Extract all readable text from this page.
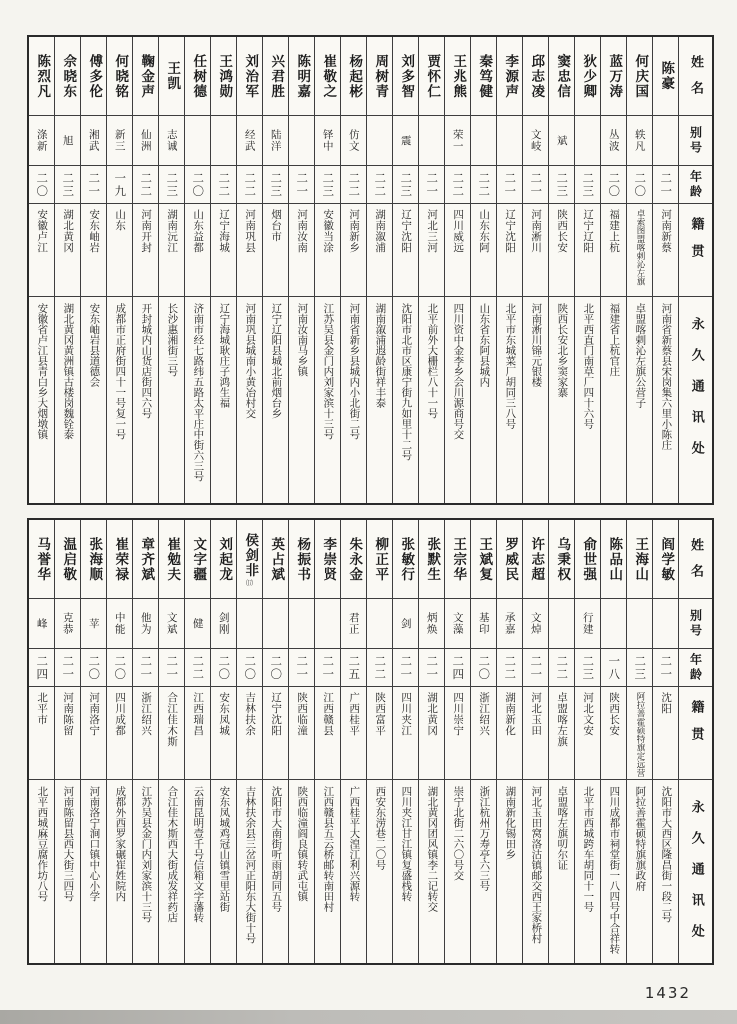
姓名
别号
年龄
籍贯
永久通讯处
陈豪
二一
河南新蔡
河南省新蔡县宋岗集六里小陈庄
何庆国
轶凡
二〇
卓索图盟喀剌沁左旗
卓盟喀剌沁左旗公营子
蓝万涛
丛波
二〇
福建上杭
福建省上杭官庄
狄少卿
二三
辽宁辽阳
北平西直门南草厂四十六号
窦忠信
斌
二三
陕西长安
陕西长安北乡窦家寨
邱志凌
文岐
二一
河南淅川
河南淅川锦元银楼
李源声
二一
辽宁沈阳
北平市东城菜厂胡同三八号
秦笃健
二二
山东东阿
山东省东阿县城内
王兆熊
荣一
二二
四川威远
四川资中金李乡会川源商号交
贾怀仁
二一
河北三河
北平前外大栅栏八十一号
刘多智
震
二三
辽宁沈阳
沈阳市北市区康宁街九如里十二号
周树青
二二
湖南溆浦
湖南溆浦遐龄街祥丰泰
杨起彬
仿文
二二
河南新乡
河南省新乡县城内小北街二号
崔敬之
铎中
二三
安徽当涂
江苏吴县金门内刘家滨十三号
陈明嘉
二一
河南汝南
河南汝南马乡镇
兴君胜
陆洋
二三
烟台市
辽宁辽阳县城北前烟台乡
刘治军
经武
二二
河南巩县
河南巩县城南小黄冶村交
王鸿勋
二二
辽宁海城
辽宁海城耿庄子鸿生福
任树德
二〇
山东益都
济南市经七路纬五路太平庄中街六三号
王凯
志诚
二三
湖南沅江
长沙惠湘街三号
鞠金声
仙洲
二二
河南开封
开封城内山货店街四六号
何晓铭
新三
一九
山东
成都市正府街四十一号复一号
傅多伦
湘武
二一
安东岫岩
安东岫岩县道德会
佘晓东
旭
二三
湖北黄冈
湖北黄冈黄洲镇古楼岗魏铨泰
陈烈凡
涤新
二〇
安徽卢江
安徽省卢江县青白乡大烟墩镇
姓名
别号
年龄
籍贯
永久通讯处
阎学敏
二一
沈阳
沈阳市大西区隆昌街一段二号
王海山
二三
阿拉善霍硕特旗定远营
阿拉善霍硕特旗旗政府
陈品山
一八
陕西长安
四川成都市祠堂街一八四号中合祥转
俞世强
行建
二三
河北文安
北平市西城跨车胡同十一号
乌秉权
二二
卓盟喀左旗
卓盟喀左旗叨尔证
许志超
文焯
二一
河北玉田
河北玉田窝洛沽镇邮交西王家桥村
罗威民
承嘉
二二
湖南新化
湖南新化锡田乡
王斌复
基印
二〇
浙江绍兴
浙江杭州万寿亭六三号
王宗华
文藻
二四
四川崇宁
崇宁北街二六〇号交
张默生
炳焕
二一
湖北黄冈
湖北黄冈团风镇李二记转交
张敏行
剑
二一
四川夹江
四川夹江甘江镇复盛栈转
柳正平
二二
陕西富平
西安东涝巷二〇号
朱永金
君正
二五
广西桂平
广西桂平大湟江利兴源转
李崇贤
二一
江西赣县
江西赣县五云桥邮转南田村
杨振书
二一
陕西临潼
陕西临潼阎良镇转武屯镇
英占斌
二〇
辽宁沈阳
沈阳市大南街听雨胡同五号
侯剑非
⒄
二〇
吉林扶余
吉林扶余县三岔河正阳东大街十号
刘起龙
剑刚
二〇
安东凤城
安东凤城鸡冠山镇雪里站街
文字疆
健
二二
江西瑞昌
云南昆明壹千号信箱文字藩转
崔勉夫
文斌
二一
合江佳木斯
合江佳木斯西大街成发祥药店
章齐斌
他为
二一
浙江绍兴
江苏吴县金门内刘家滨十三号
崔荣禄
中能
二〇
四川成都
成都外西罗家碾崔姓院内
张海顺
苹
二〇
河南洛宁
河南洛宁涧口镇中心小学
温启敬
克恭
二一
河南陈留
河南陈留县西大街三四号
马誉华
峰
二四
北平市
北平西城麻豆腐作坊八号
1432
